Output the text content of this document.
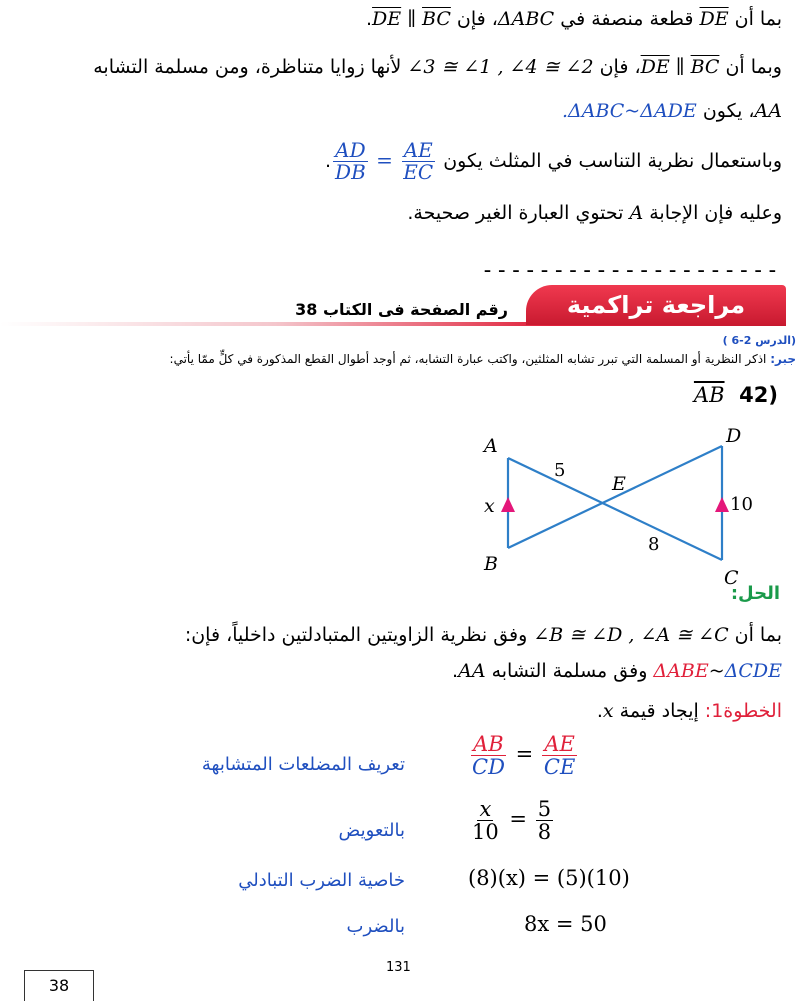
بما أن $\overline{DE}$ قطعة منصفة في ΔABC، فإن $\overline{DE}$ ∥ $\overline{BC}$.
وبما أن $\overline{DE}$ ∥ $\overline{BC}،$ فإن ∠3 ≅ ∠1 , ∠4 ≅ ∠2 لأنها زوايا متناظرة، ومن مسلمة التشابه
AA، يكون .ΔABC~ΔADE
وباستعمال نظرية التناسب في المثلث يكون
$\frac{AD}{DB} = \frac{AE}{EC}$
.
وعليه فإن الإجابة A تحتوي العبارة الغير صحيحة.
---------------------
مراجعة تراكمية
رقم الصفحة فى الكتاب 38
(الدرس 2-6 )
جبر: اذكر النظرية أو المسلمة التي تبرر تشابه المثلثين، واكتب عبارة التشابه، ثم أوجد أطوال القطع المذكورة في كلٍّ ممّا يأتي:
(42  $\overline{AB}$
A
B
C
D
E
x
5
8
10
الحل:
بما أن ∠B ≅ ∠D , ∠A ≅ ∠C وفق نظرية الزاويتين المتبادلتين داخلياً، فإن:
ΔABE~ΔCDE وفق مسلمة التشابه AA.
الخطوة1: إيجاد قيمة x.
تعريف المضلعات المتشابهة	$\frac{AB}{CD} = \frac{AE}{CE}$
بالتعويض	$\frac{x}{10} = \frac{5}{8}$
خاصية الضرب التبادلي	(8)(x) = (5)(10)
بالضرب	8x = 50
131
38
